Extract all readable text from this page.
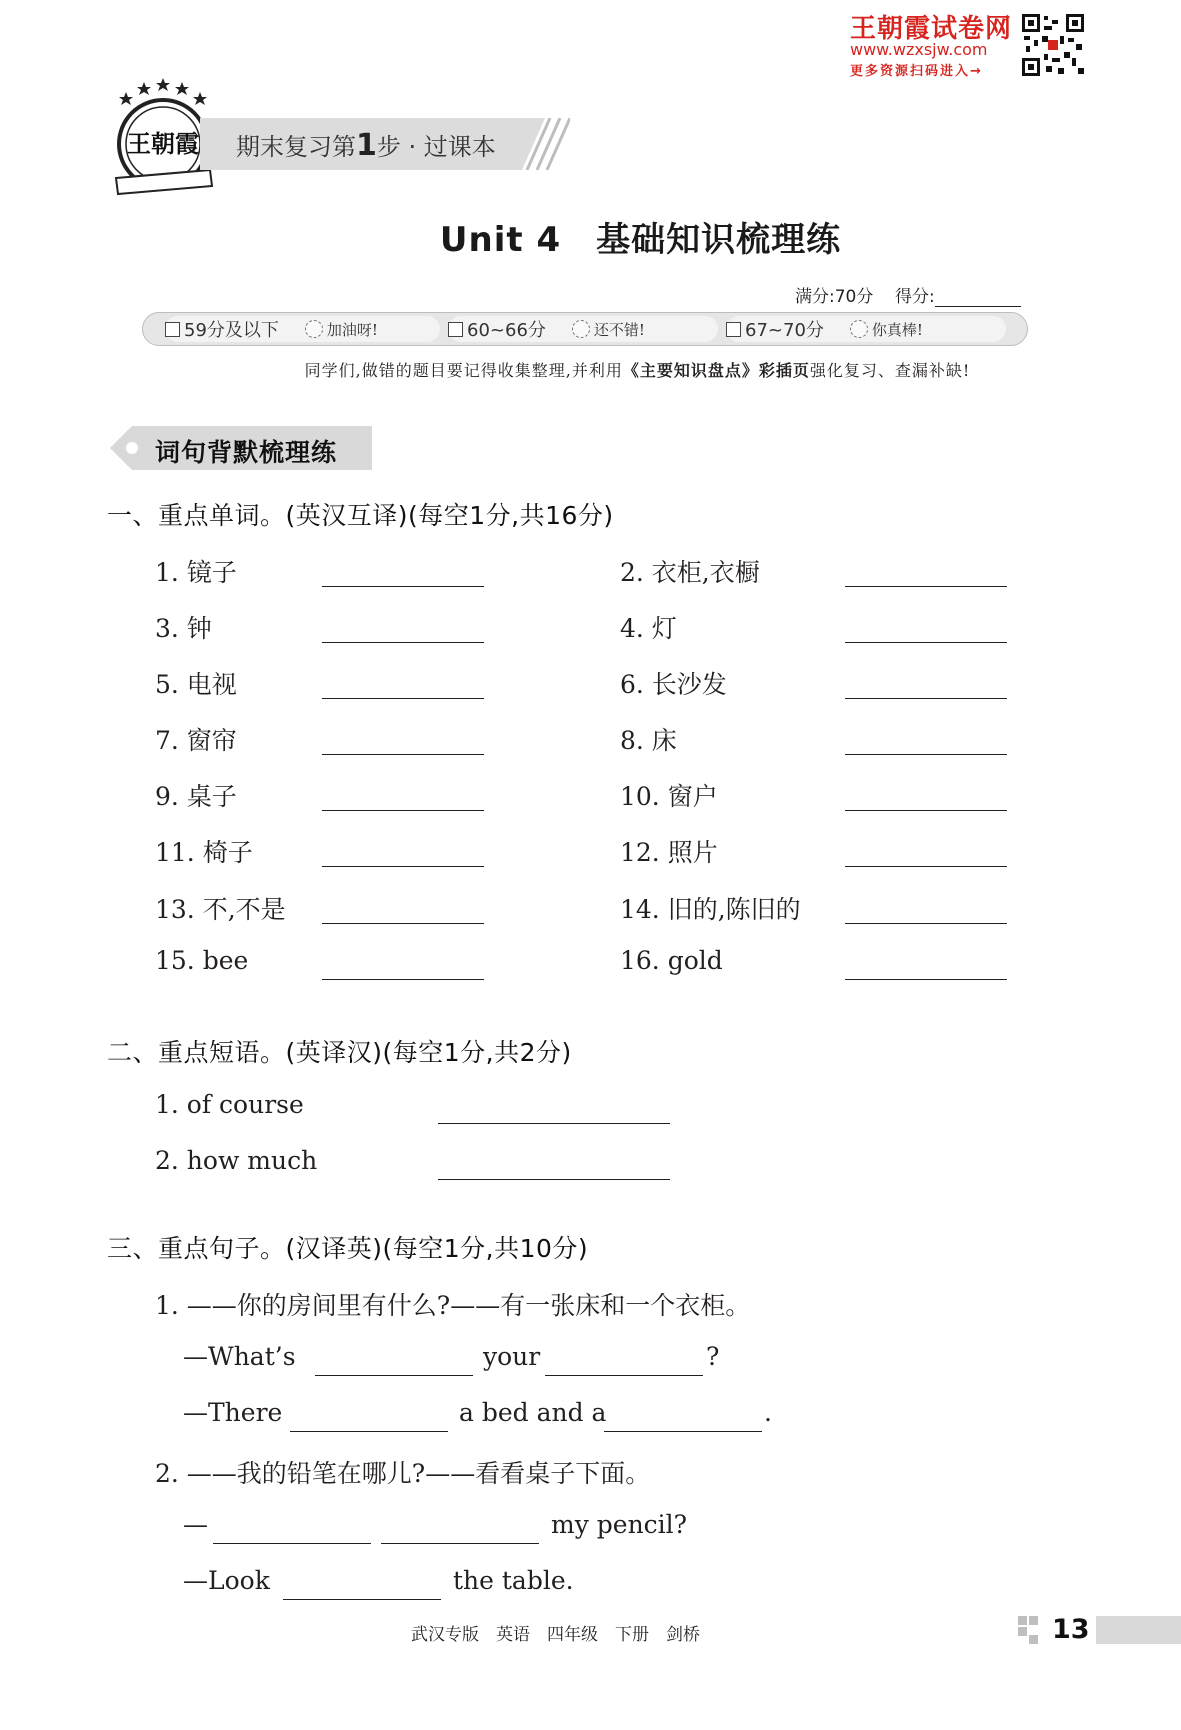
王朝霞试卷网
www.wzxsjw.com
更多资源扫码进入→
王朝霞 期末复习第1步 · 过课本
Unit 4　基础知识梳理练
满分:70分 得分:
59分及以下	加油呀!	60~66分	还不错!	67~70分	你真棒!
同学们,做错的题目要记得收集整理,并利用《主要知识盘点》彩插页强化复习、查漏补缺!
词句背默梳理练
一、重点单词。(英汉互译)(每空1分,共16分)
1. 镜子	2. 衣柜,衣橱
3. 钟	4. 灯
5. 电视	6. 长沙发
7. 窗帘	8. 床
9. 桌子	10. 窗户
11. 椅子	12. 照片
13. 不,不是	14. 旧的,陈旧的
15. bee	16. gold
二、重点短语。(英译汉)(每空1分,共2分)
1. of course
2. how much
三、重点句子。(汉译英)(每空1分,共10分)
1. ——你的房间里有什么?——有一张床和一个衣柜。
—What’s	your	?
—There	a bed and a	.
2. ——我的铅笔在哪儿?——看看桌子下面。
—	my pencil?
—Look	the table.
武汉专版　英语　四年级　下册　剑桥	13
